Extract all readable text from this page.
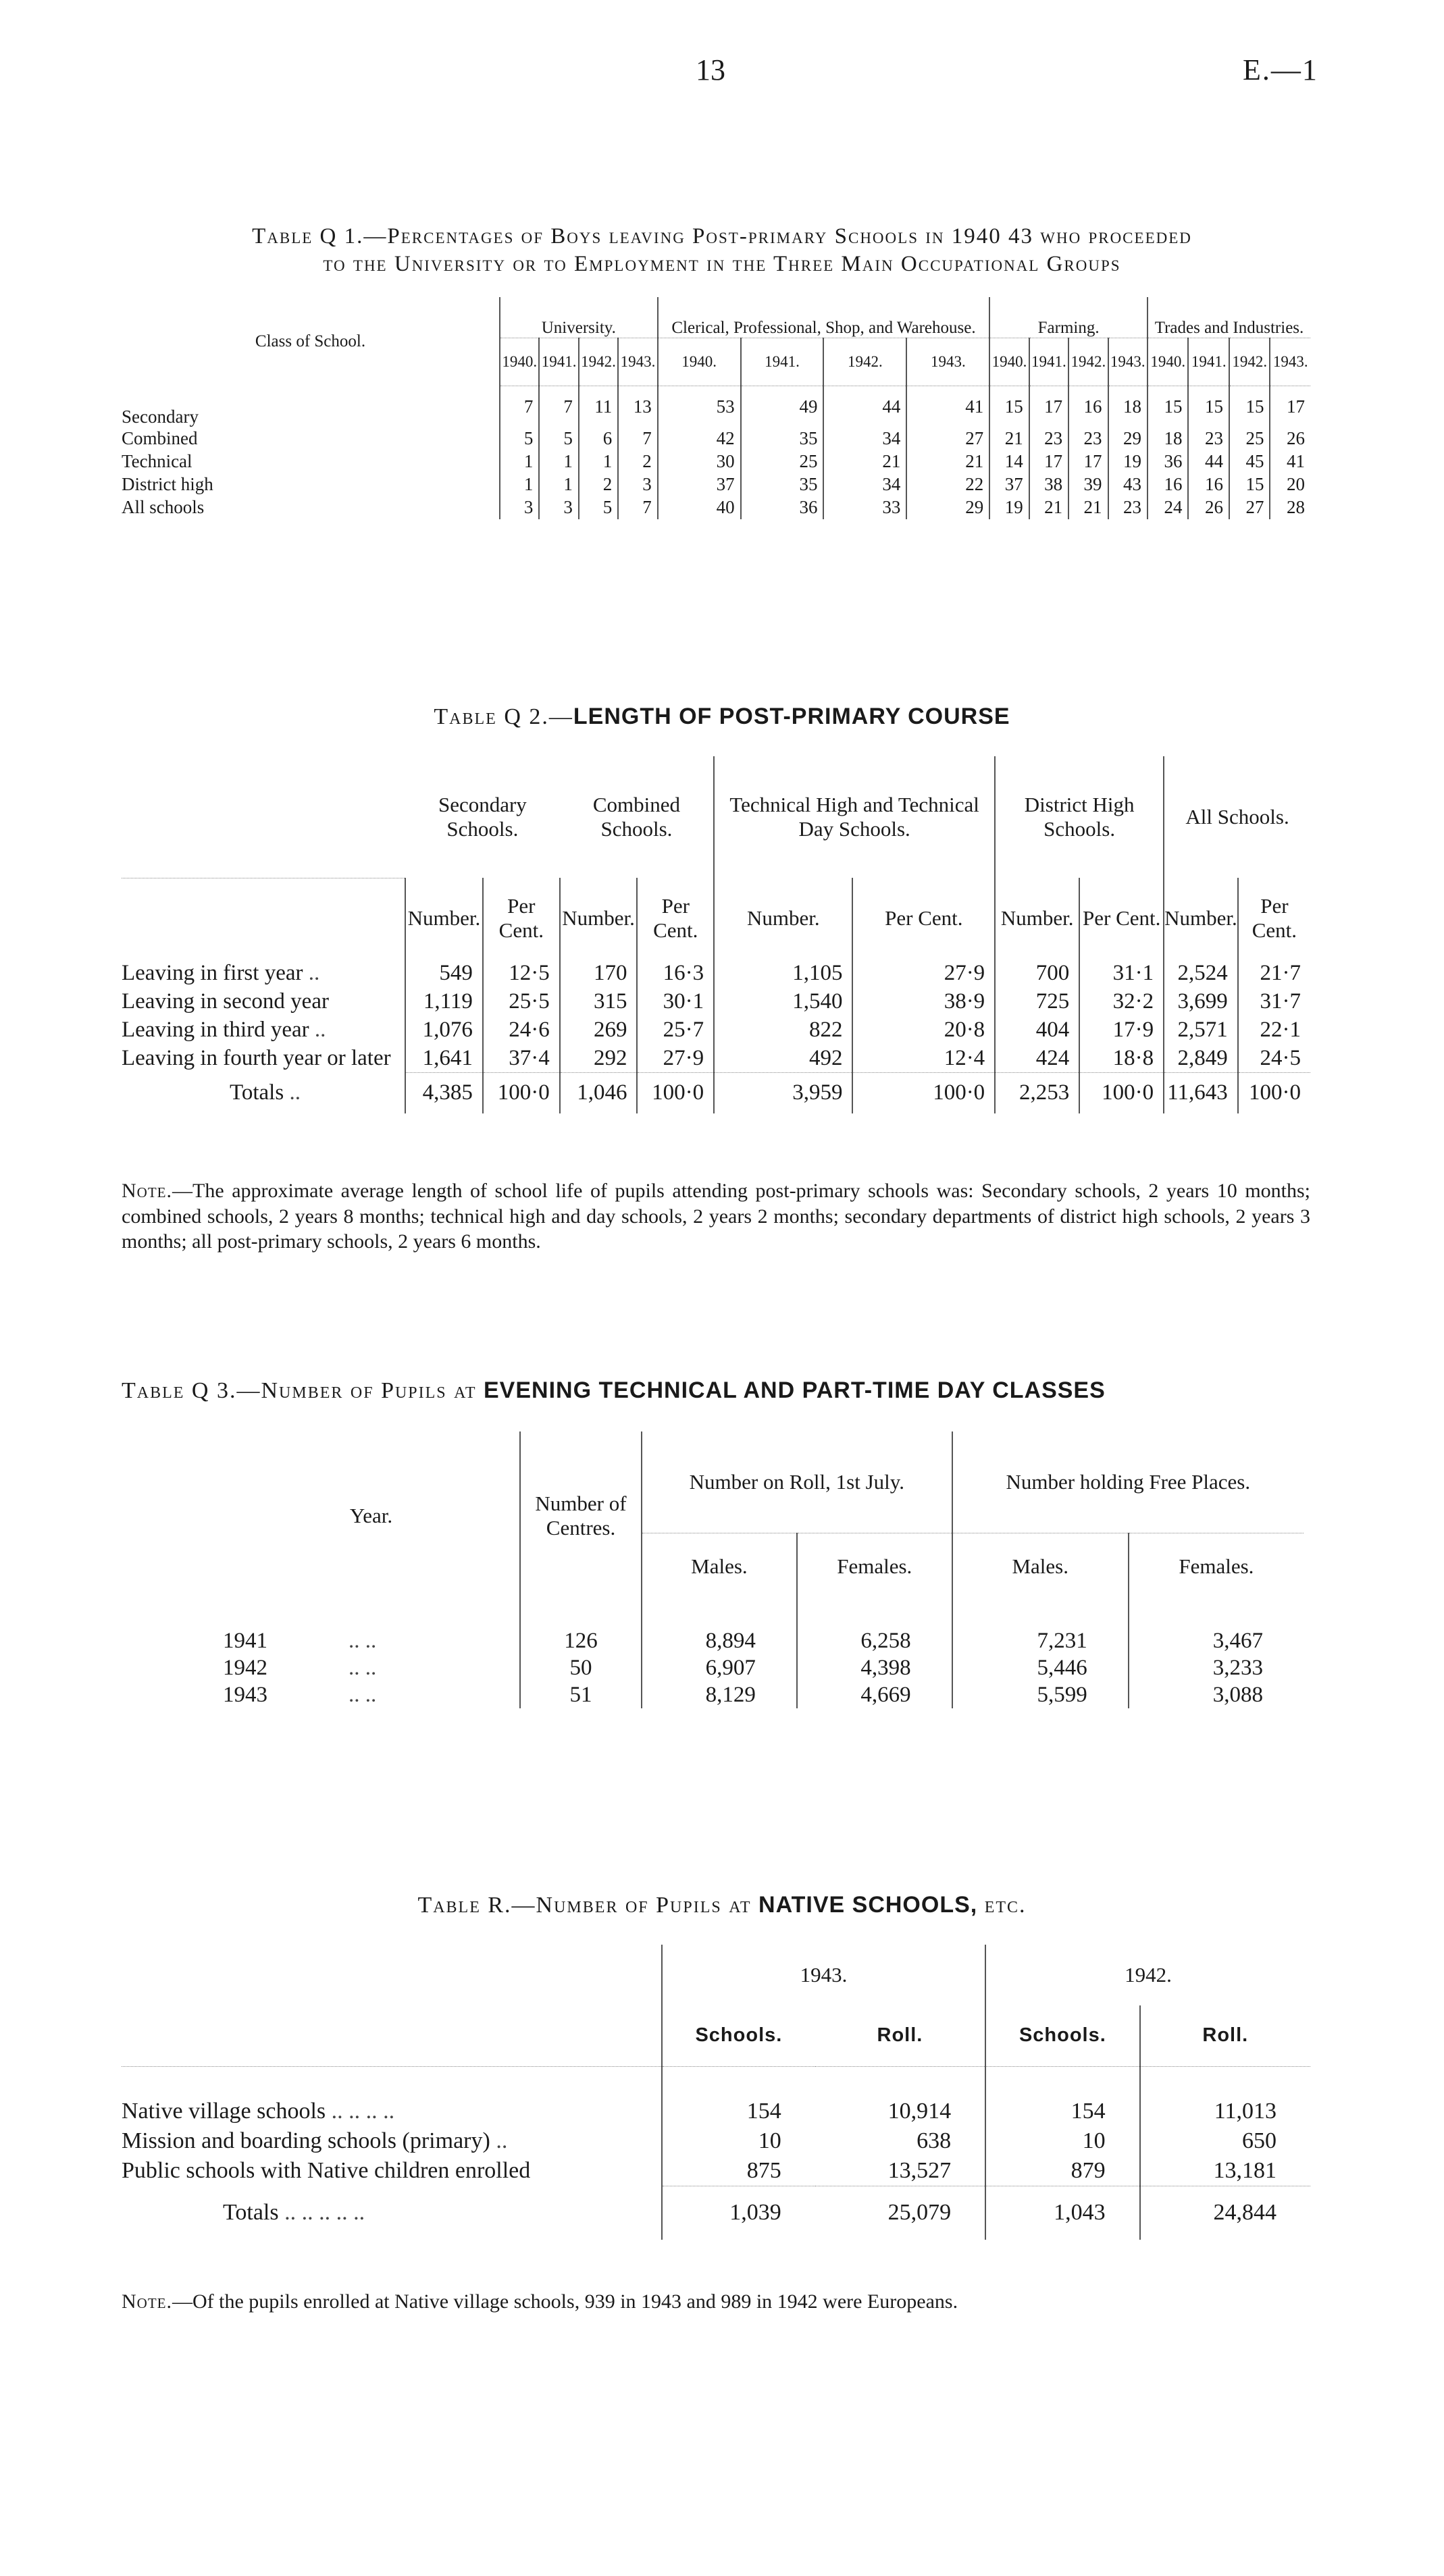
13	E.—1
Table Q 1.—Percentages of Boys leaving Post-primary Schools in 1940 43 who proceeded
to the University or to Employment in the Three Main Occupational Groups
Class of School.	University.				Clerical, Professional, Shop, and Warehouse.				Farming.				Trades and Industries.			
	1940.	1941.	1942.	1943.	1940.	1941.	1942.	1943.	1940.	1941.	1942.	1943.	1940.	1941.	1942.	1943.
Secondary	7	7	11	13	53	49	44	41	15	17	16	18	15	15	15	17
Combined	5	5	6	7	42	35	34	27	21	23	23	29	18	23	25	26
Technical	1	1	1	2	30	25	21	21	14	17	17	19	36	44	45	41
District high	1	1	2	3	37	35	34	22	37	38	39	43	16	16	15	20
All schools	3	3	5	7	40	36	33	29	19	21	21	23	24	26	27	28
Table Q 2.—LENGTH OF POST-PRIMARY COURSE
	Secondary Schools.		Combined Schools.		Technical High and Technical Day Schools.		District High Schools.		All Schools.	
	Number.	Per Cent.	Number.	Per Cent.	Number.	Per Cent.	Number.	Per Cent.	Number.	Per Cent.
Leaving in first year ..	549	12·5	170	16·3	1,105	27·9	700	31·1	2,524	21·7
Leaving in second year	1,119	25·5	315	30·1	1,540	38·9	725	32·2	3,699	31·7
Leaving in third year ..	1,076	24·6	269	25·7	822	20·8	404	17·9	2,571	22·1
Leaving in fourth year or later	1,641	37·4	292	27·9	492	12·4	424	18·8	2,849	24·5
Totals ..	4,385	100·0	1,046	100·0	3,959	100·0	2,253	100·0	11,643	100·0
Note.—The approximate average length of school life of pupils attending post-primary schools was: Secondary schools, 2 years 10 months; combined schools, 2 years 8 months; technical high and day schools, 2 years 2 months; secondary departments of district high schools, 2 years 3 months; all post-primary schools, 2 years 6 months.
Table Q 3.—Number of Pupils at EVENING TECHNICAL AND PART-TIME DAY CLASSES
Year.	Number of Centres.	Number on Roll, 1st July.		Number holding Free Places.	
		Males.	Females.	Males.	Females.

1941 .. ..	126	8,894	6,258	7,231	3,467
1942 .. ..	50	6,907	4,398	5,446	3,233
1943 .. ..	51	8,129	4,669	5,599	3,088
Table R.—Number of Pupils at NATIVE SCHOOLS, etc.
	1943.		1942.	
	Schools.	Roll.	Schools.	Roll.

Native village schools .. .. .. ..	154	10,914	154	11,013
Mission and boarding schools (primary) ..	10	638	10	650
Public schools with Native children enrolled	875	13,527	879	13,181
Totals .. .. .. .. ..	1,039	25,079	1,043	24,844
Note.—Of the pupils enrolled at Native village schools, 939 in 1943 and 989 in 1942 were Europeans.
